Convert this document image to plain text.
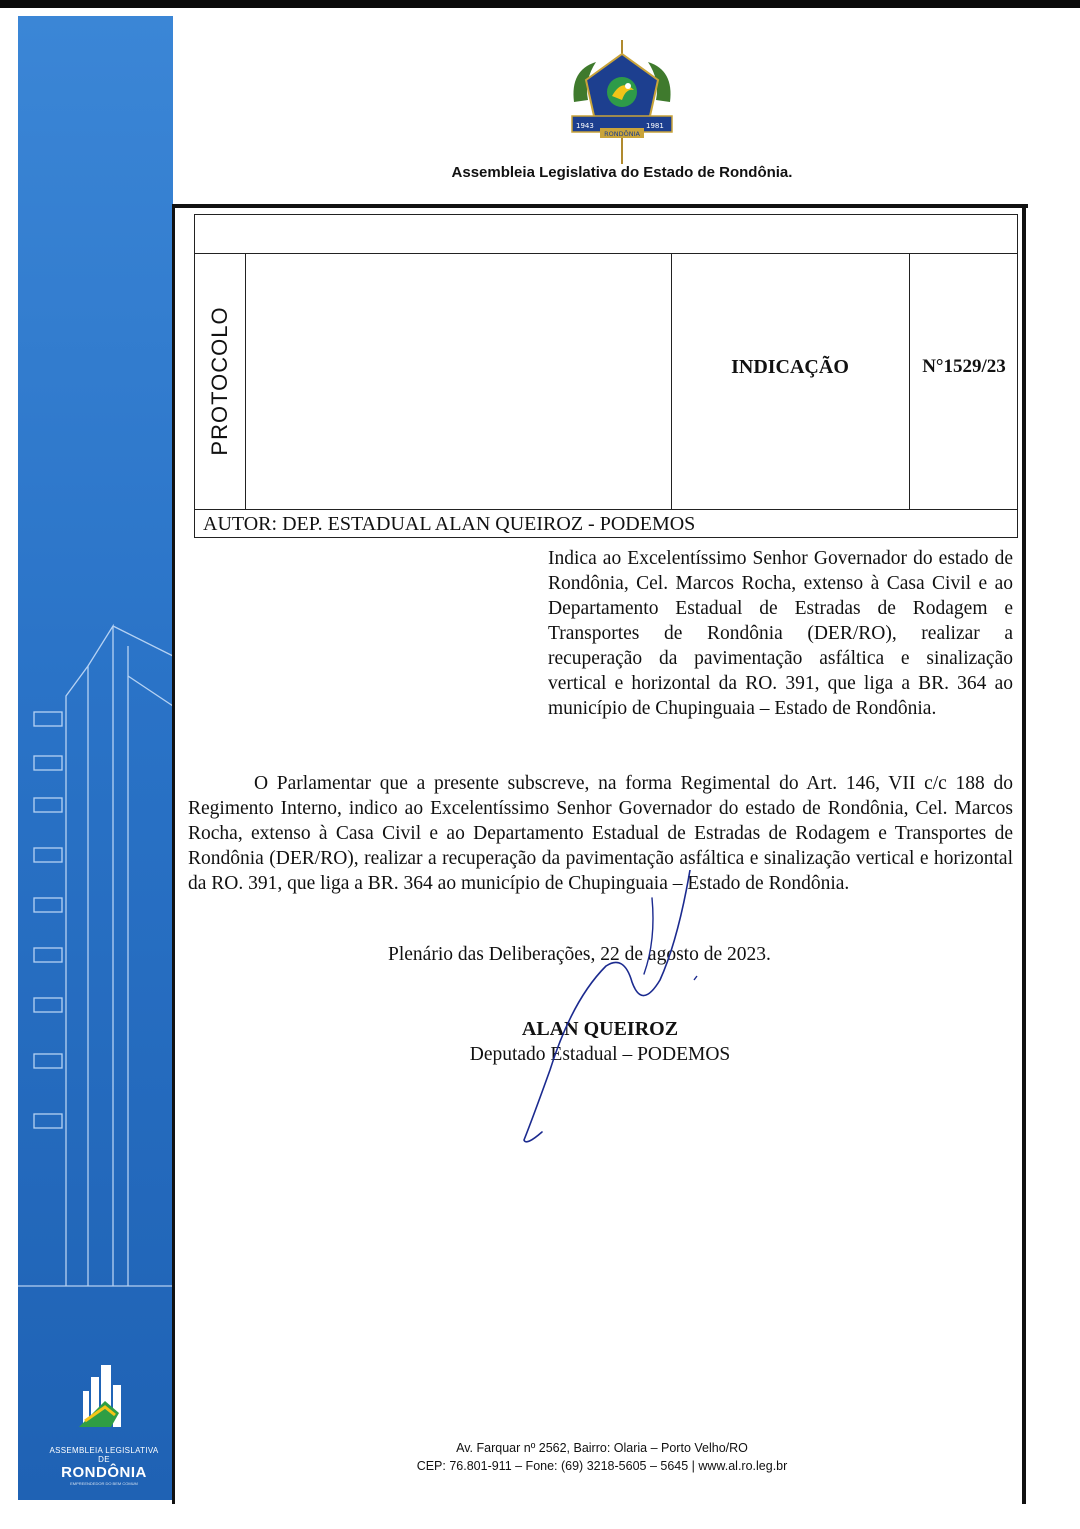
ASSEMBLEIA LEGISLATIVA DE
RONDÔNIA
EMPREENDEDOR DO BEM COMUM
1943	1981
RONDÔNIA
Assembleia Legislativa do Estado de Rondônia.
PROTOCOLO	INDICAÇÃO	N°1529/23
AUTOR: DEP. ESTADUAL ALAN QUEIROZ - PODEMOS
Indica ao Excelentíssimo Senhor Governador do estado de Rondônia, Cel. Marcos Rocha, extenso à Casa Civil e ao Departamento Estadual de Estradas de Rodagem e Transportes de Rondônia (DER/RO), realizar a recuperação da pavimentação asfáltica e sinalização vertical e horizontal da RO. 391, que liga a BR. 364 ao município de Chupinguaia – Estado de Rondônia.
O Parlamentar que a presente subscreve, na forma Regimental do Art. 146, VII c/c 188 do Regimento Interno, indico ao Excelentíssimo Senhor Governador do estado de Rondônia, Cel. Marcos Rocha, extenso à Casa Civil e ao Departamento Estadual de Estradas de Rodagem e Transportes de Rondônia (DER/RO), realizar a recuperação da pavimentação asfáltica e sinalização vertical e horizontal da RO. 391, que liga a BR. 364 ao município de Chupinguaia – Estado de Rondônia.
Plenário das Deliberações, 22 de agosto de 2023.
ALAN QUEIROZ
Deputado Estadual – PODEMOS
Av. Farquar nº 2562, Bairro: Olaria – Porto Velho/RO
CEP: 76.801-911 – Fone: (69) 3218-5605 – 5645 | www.al.ro.leg.br
